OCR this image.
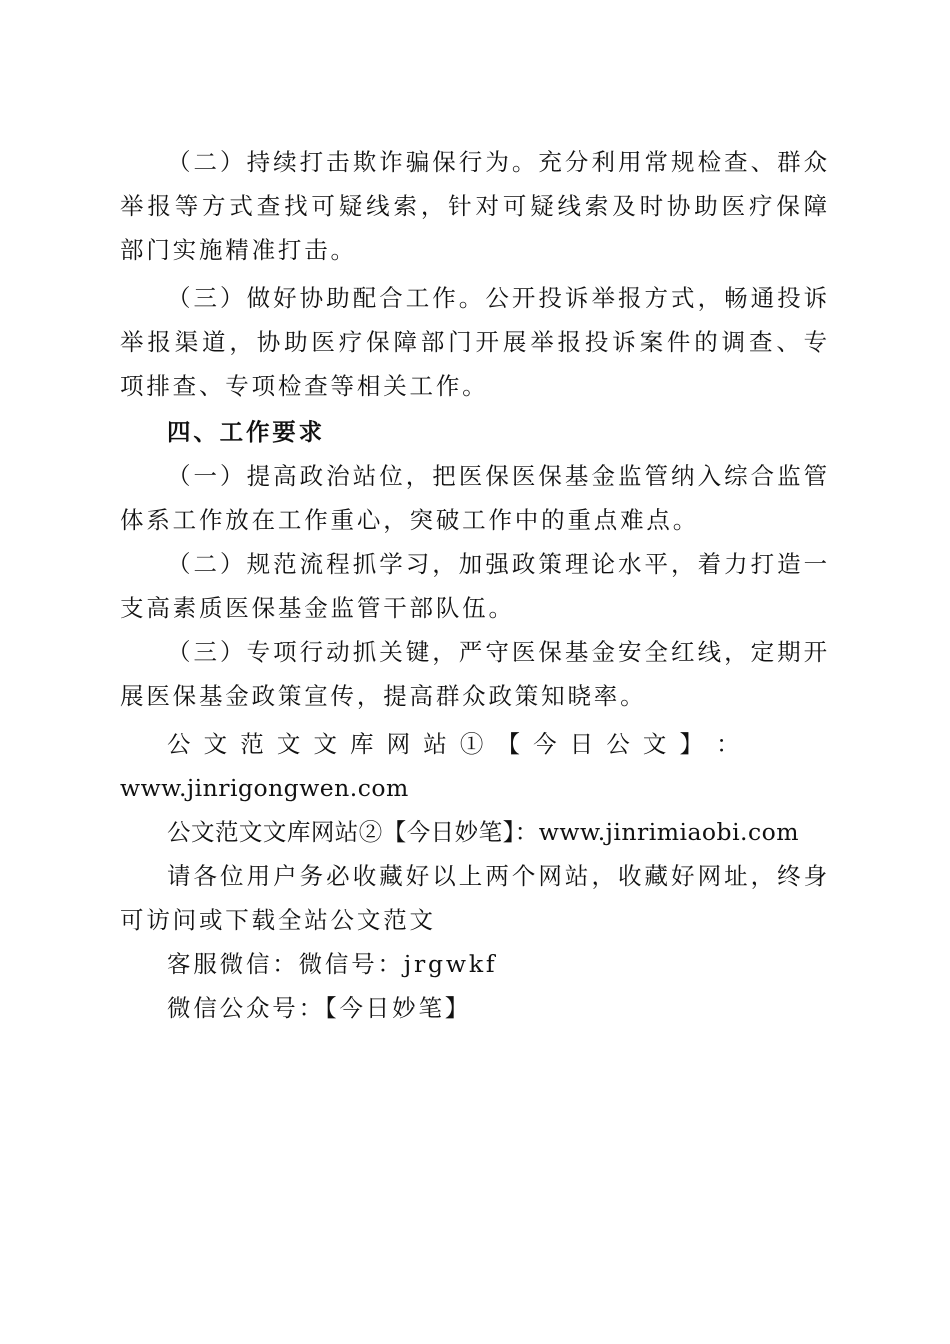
（二）持续打击欺诈骗保行为。充分利用常规检查、群众举报等方式查找可疑线索，针对可疑线索及时协助医疗保障部门实施精准打击。

（三）做好协助配合工作。公开投诉举报方式，畅通投诉举报渠道，协助医疗保障部门开展举报投诉案件的调查、专项排查、专项检查等相关工作。

四、工作要求

（一）提高政治站位，把医保医保基金监管纳入综合监管体系工作放在工作重心，突破工作中的重点难点。

（二）规范流程抓学习，加强政策理论水平，着力打造一支高素质医保基金监管干部队伍。

（三）专项行动抓关键，严守医保基金安全红线，定期开展医保基金政策宣传，提高群众政策知晓率。

公 文 范 文 文 库 网 站 ① 【 今 日 公 文 】 ：

www.jinrigongwen.com

公文范文文库网站②【今日妙笔】：www.jinrimiaobi.com

请各位用户务必收藏好以上两个网站，收藏好网址，终身可访问或下载全站公文范文

客服微信：微信号：jrgwkf

微信公众号：【今日妙笔】
